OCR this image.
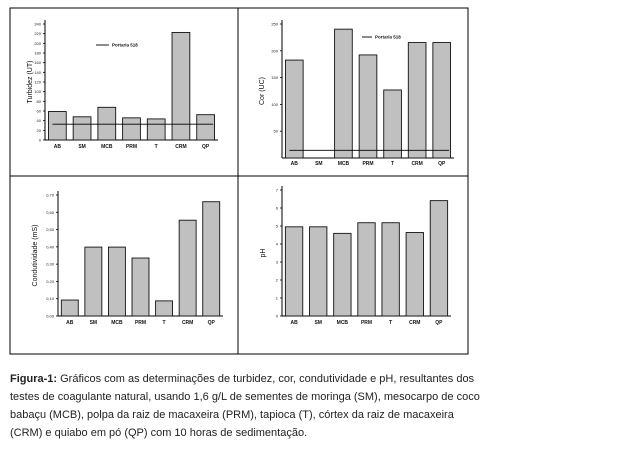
0
20
40
60
80
100
120
140
160
180
200
220
240
Turbidez (UT)
AB	SM	MCB	PRM	T	CRM	QP
Portaria 518
50
100
150
200
250
Cor (UC)
AB	SM	MCB	PRM	T	CRM	QP
Portaria 518
0,00
0,10
0,20
0,30
0,40
0,50
0,60
0,70
Condutividade (mS)
AB	SM	MCB PRM	T	CRM	QP
0
1
2
3
4
5
6
7
pH
AB	SM	MCB	PRM	T	CRM	QP

Figura-1: Gráficos com as determinações de turbidez, cor, condutividade e pH, resultantes dos testes de coagulante natural, usando 1,6 g/L de sementes de moringa (SM), mesocarpo de coco babaçu (MCB), polpa da raiz de macaxeira (PRM), tapioca (T), córtex da raiz de macaxeira (CRM) e quiabo em pó (QP) com 10 horas de sedimentação.
